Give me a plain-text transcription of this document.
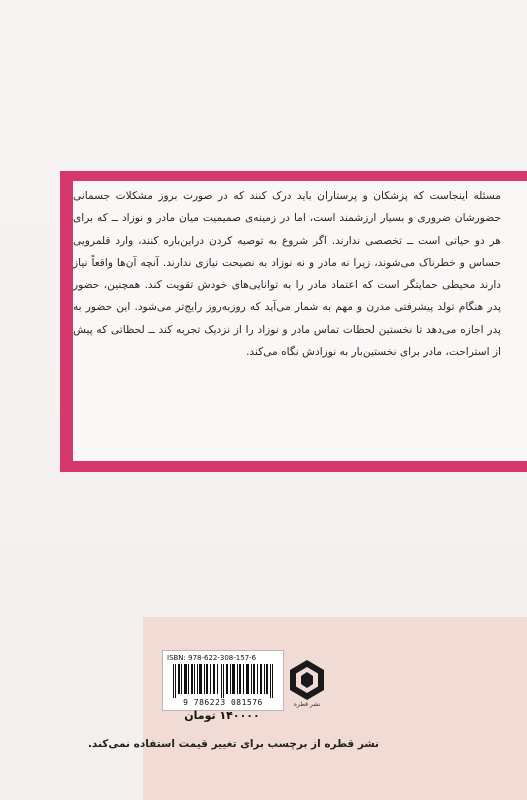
مسئله اینجاست که پزشکان و پرستاران باید درک کنند که در صورت بروز مشکلات جسمانی حضورشان ضروری و بسیار ارزشمند است، اما در زمینه‌ی صمیمیت میان مادر و نوزاد ــ که برای هر دو حیاتی است ــ تخصصی ندارند. اگر شروع به توصیه کردن دراین‌باره کنند، وارد قلمرویی حساس و خطرناک می‌شوند، زیرا نه مادر و نه نوزاد به نصیحت نیازی ندارند. آنچه آن‌ها واقعاً نیاز دارند محیطی حمایتگر است که اعتماد مادر را به توانایی‌های خودش تقویت کند. همچنین، حضور پدر هنگام تولد پیشرفتی مدرن و مهم به شمار می‌آید که روزبه‌روز رایج‌تر می‌شود. این حضور به پدر اجازه می‌دهد تا نخستین لحظات تماس مادر و نوزاد را از نزدیک تجربه کند ــ لحظاتی که پیش از استراحت، مادر برای نخستین‌بار به نوزادش نگاه می‌کند.

ISBN: 978-622-308-157-6
9 786223 081576	نشر قطره
۱۴۰۰۰۰ تومان

نشر قطره از برچسب برای تغییر قیمت استفاده نمی‌کند.
